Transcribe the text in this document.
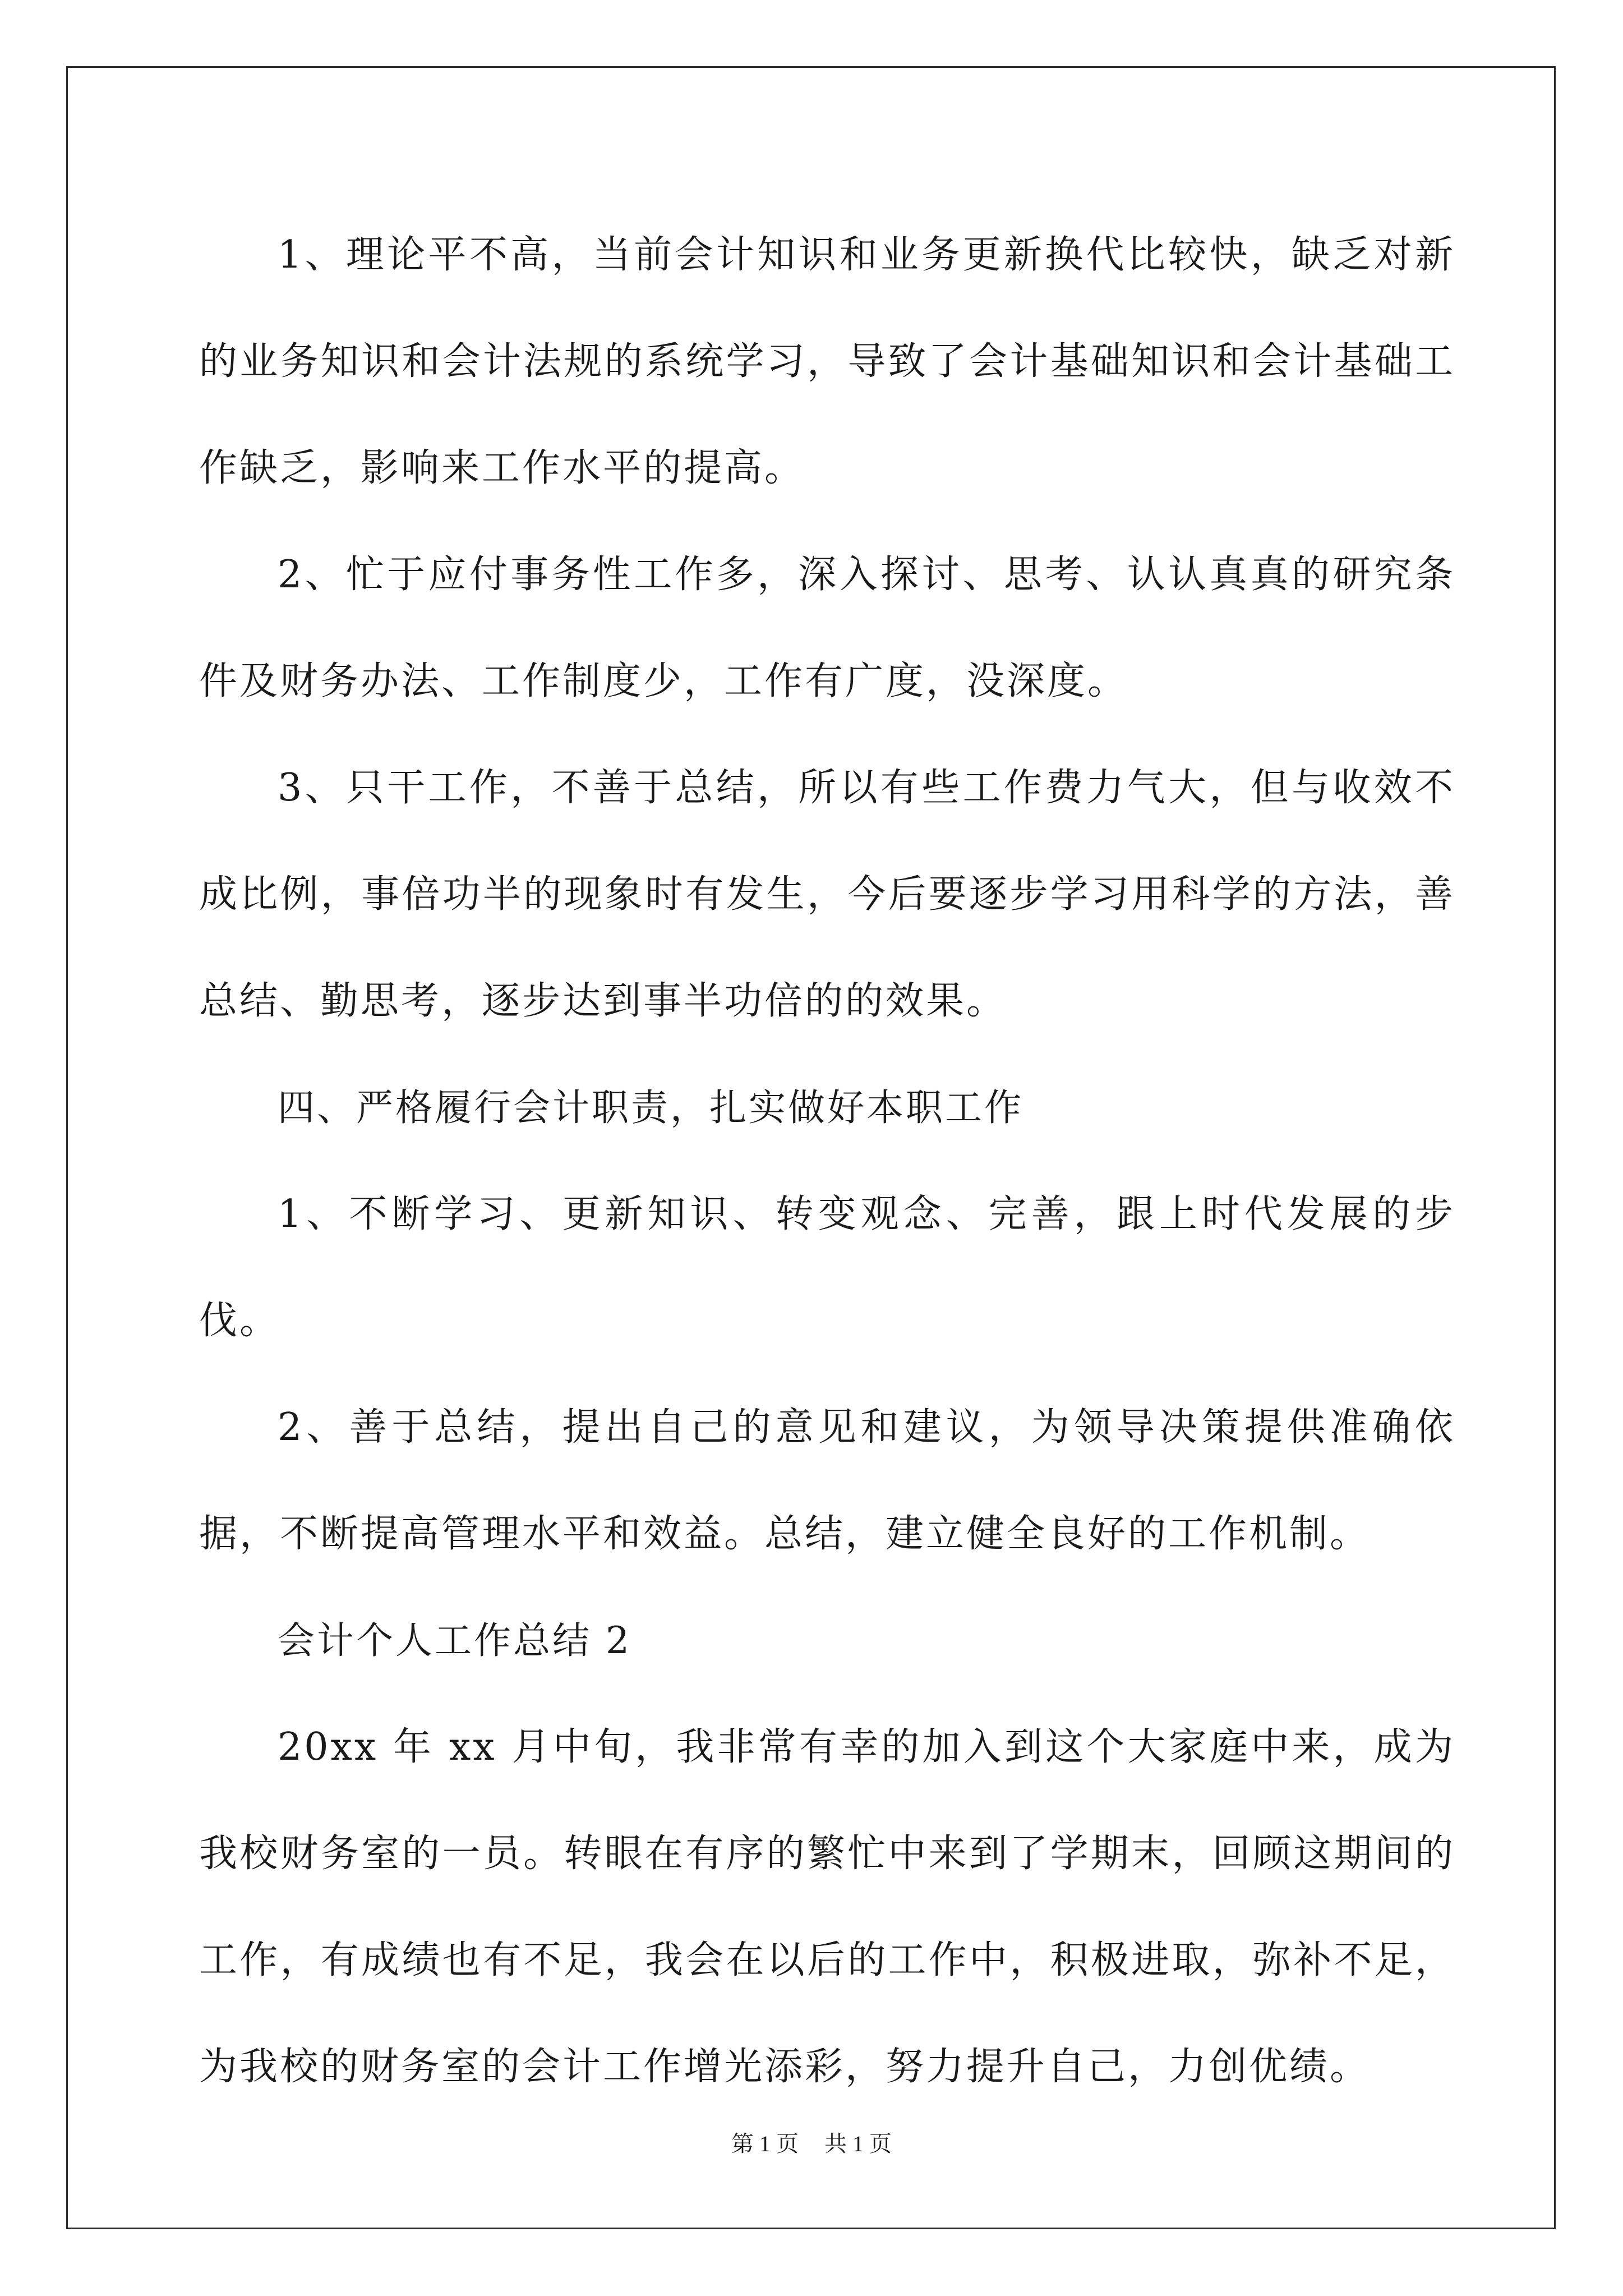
1、理论平不高，当前会计知识和业务更新换代比较快，缺乏对新的业务知识和会计法规的系统学习，导致了会计基础知识和会计基础工作缺乏，影响来工作水平的提高。

2、忙于应付事务性工作多，深入探讨、思考、认认真真的研究条件及财务办法、工作制度少，工作有广度，没深度。

3、只干工作，不善于总结，所以有些工作费力气大，但与收效不成比例，事倍功半的现象时有发生，今后要逐步学习用科学的方法，善总结、勤思考，逐步达到事半功倍的的效果。

四、严格履行会计职责，扎实做好本职工作

1、不断学习、更新知识、转变观念、完善，跟上时代发展的步伐。

2、善于总结，提出自己的意见和建议，为领导决策提供准确依据，不断提高管理水平和效益。总结，建立健全良好的工作机制。

会计个人工作总结 2

20xx 年 xx 月中旬，我非常有幸的加入到这个大家庭中来，成为我校财务室的一员。转眼在有序的繁忙中来到了学期末，回顾这期间的工作，有成绩也有不足，我会在以后的工作中，积极进取，弥补不足，为我校的财务室的会计工作增光添彩，努力提升自己，力创优绩。

第 1 页 共 1 页
